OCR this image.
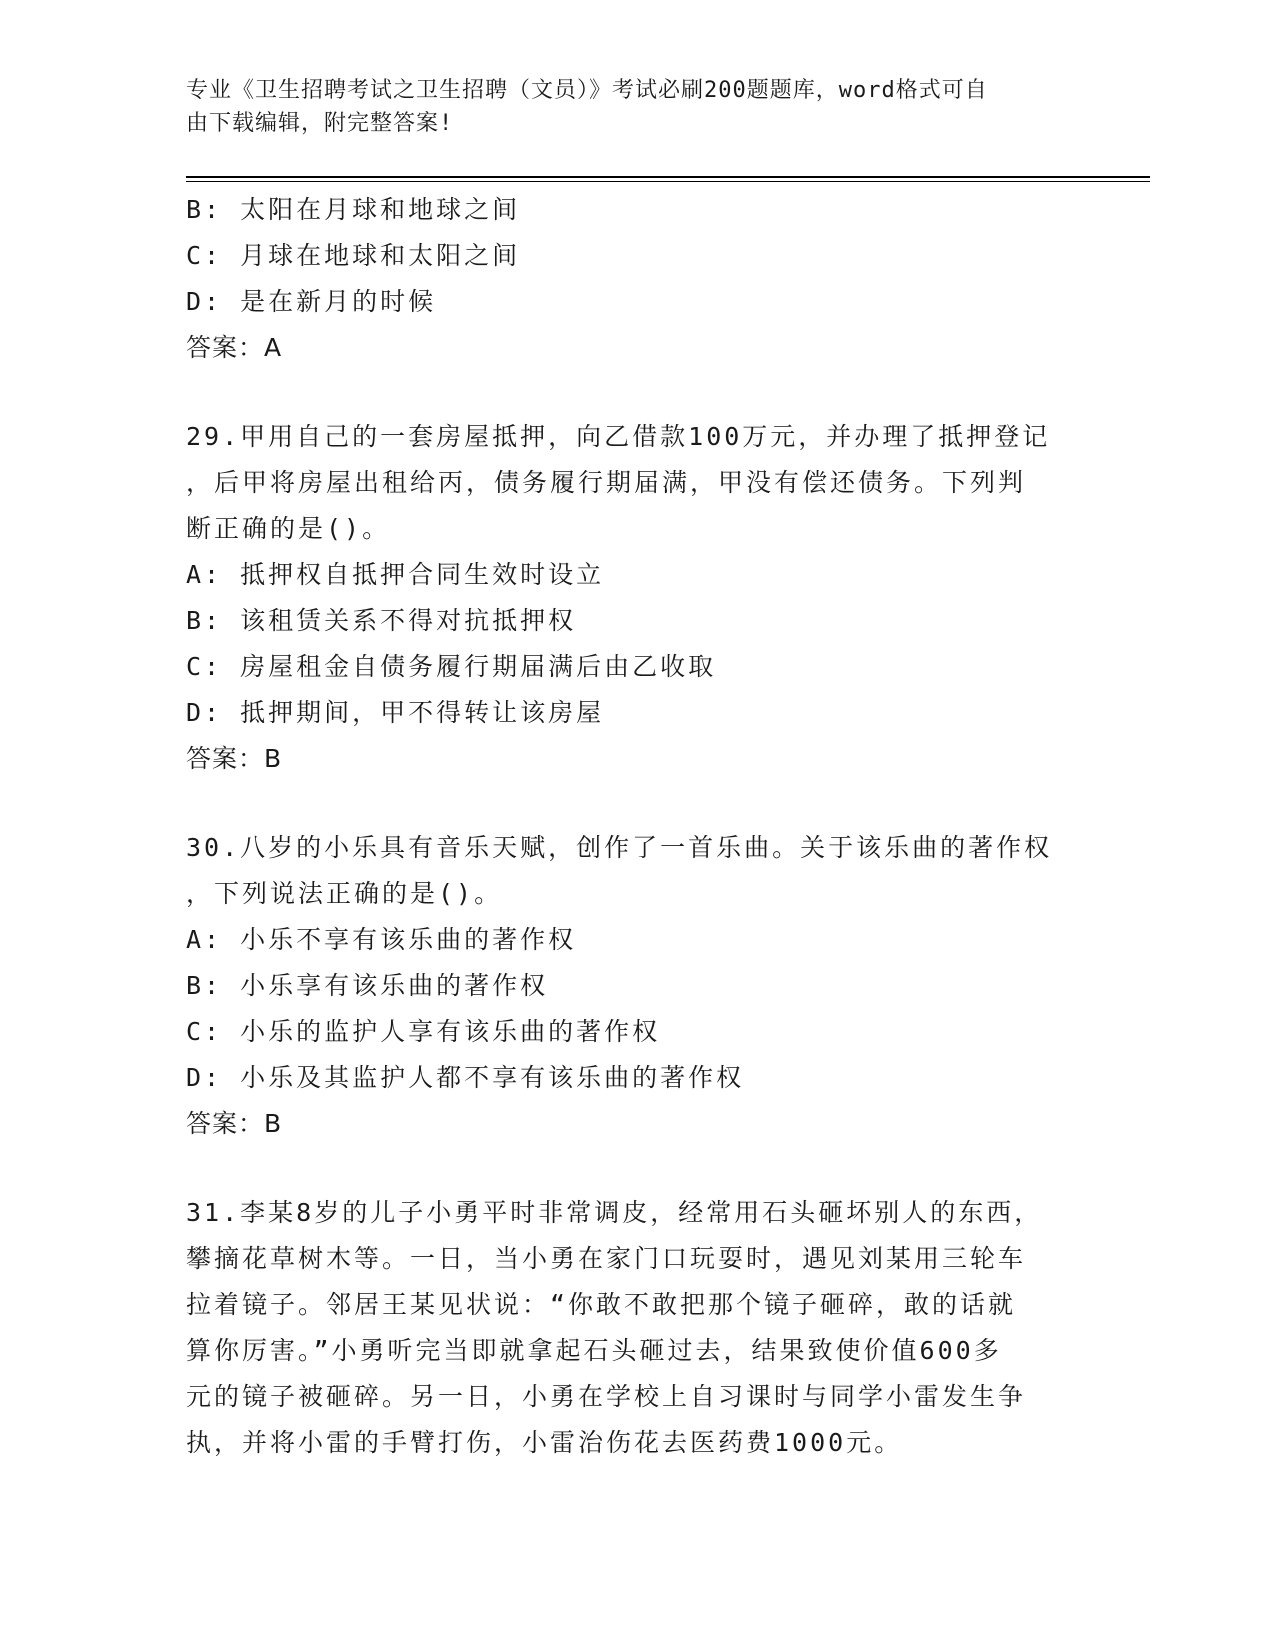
专业《卫生招聘考试之卫生招聘（文员）》考试必刷200题题库，word格式可自
由下载编辑，附完整答案!
B: 太阳在月球和地球之间
C: 月球在地球和太阳之间
D: 是在新月的时候
答案：A
29.甲用自己的一套房屋抵押，向乙借款100万元，并办理了抵押登记
，后甲将房屋出租给丙，债务履行期届满，甲没有偿还债务。下列判
断正确的是()。
A: 抵押权自抵押合同生效时设立
B: 该租赁关系不得对抗抵押权
C: 房屋租金自债务履行期届满后由乙收取
D: 抵押期间，甲不得转让该房屋
答案：B
30.八岁的小乐具有音乐天赋，创作了一首乐曲。关于该乐曲的著作权
，下列说法正确的是()。
A: 小乐不享有该乐曲的著作权
B: 小乐享有该乐曲的著作权
C: 小乐的监护人享有该乐曲的著作权
D: 小乐及其监护人都不享有该乐曲的著作权
答案：B
31.李某8岁的儿子小勇平时非常调皮，经常用石头砸坏别人的东西，
攀摘花草树木等。一日，当小勇在家门口玩耍时，遇见刘某用三轮车
拉着镜子。邻居王某见状说：“你敢不敢把那个镜子砸碎，敢的话就
算你厉害。”小勇听完当即就拿起石头砸过去，结果致使价值600多
元的镜子被砸碎。另一日，小勇在学校上自习课时与同学小雷发生争
执，并将小雷的手臂打伤，小雷治伤花去医药费1000元。
